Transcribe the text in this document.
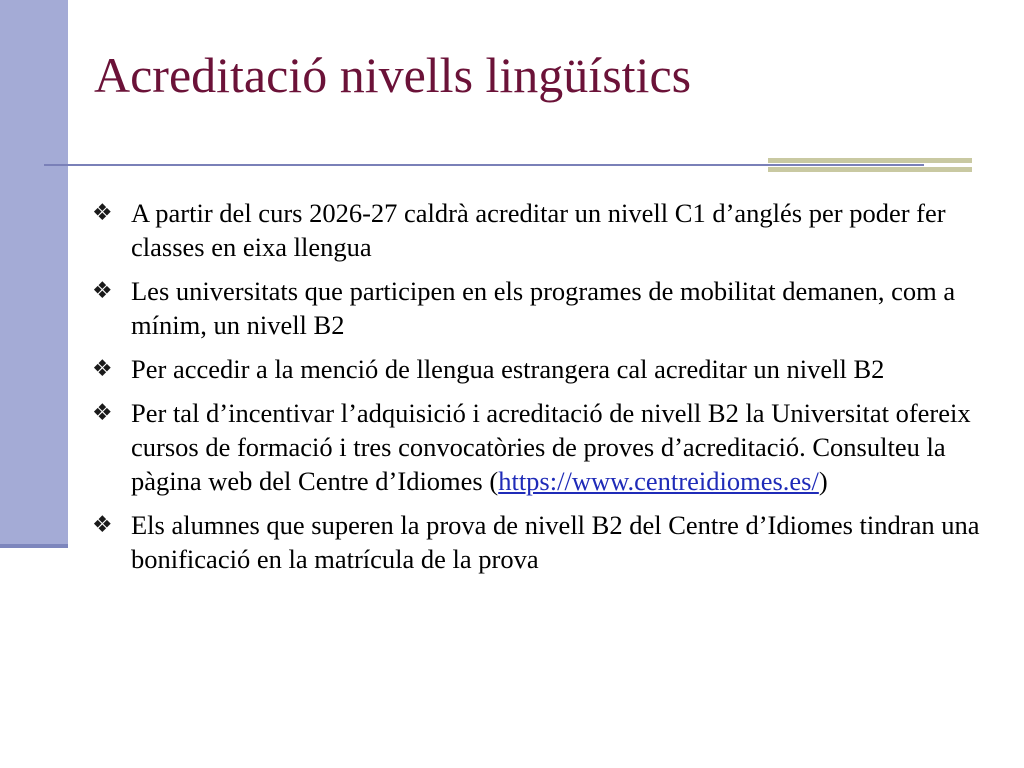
Acreditació nivells lingüístics
❖ A partir del curs 2026-27 caldrà acreditar un nivell C1 d’anglés per poder fer classes en eixa llengua
❖ Les universitats que participen en els programes de mobilitat demanen, com a mínim, un nivell B2
❖ Per accedir a la menció de llengua estrangera cal acreditar un nivell B2
❖ Per tal d’incentivar l’adquisició i acreditació de nivell B2 la Universitat ofereix cursos de formació i tres convocatòries de proves d’acreditació. Consulteu la pàgina web del Centre d’Idiomes (https://www.centreidiomes.es/)
❖ Els alumnes que superen la prova de nivell B2 del Centre d’Idiomes tindran una bonificació en la matrícula de la prova
